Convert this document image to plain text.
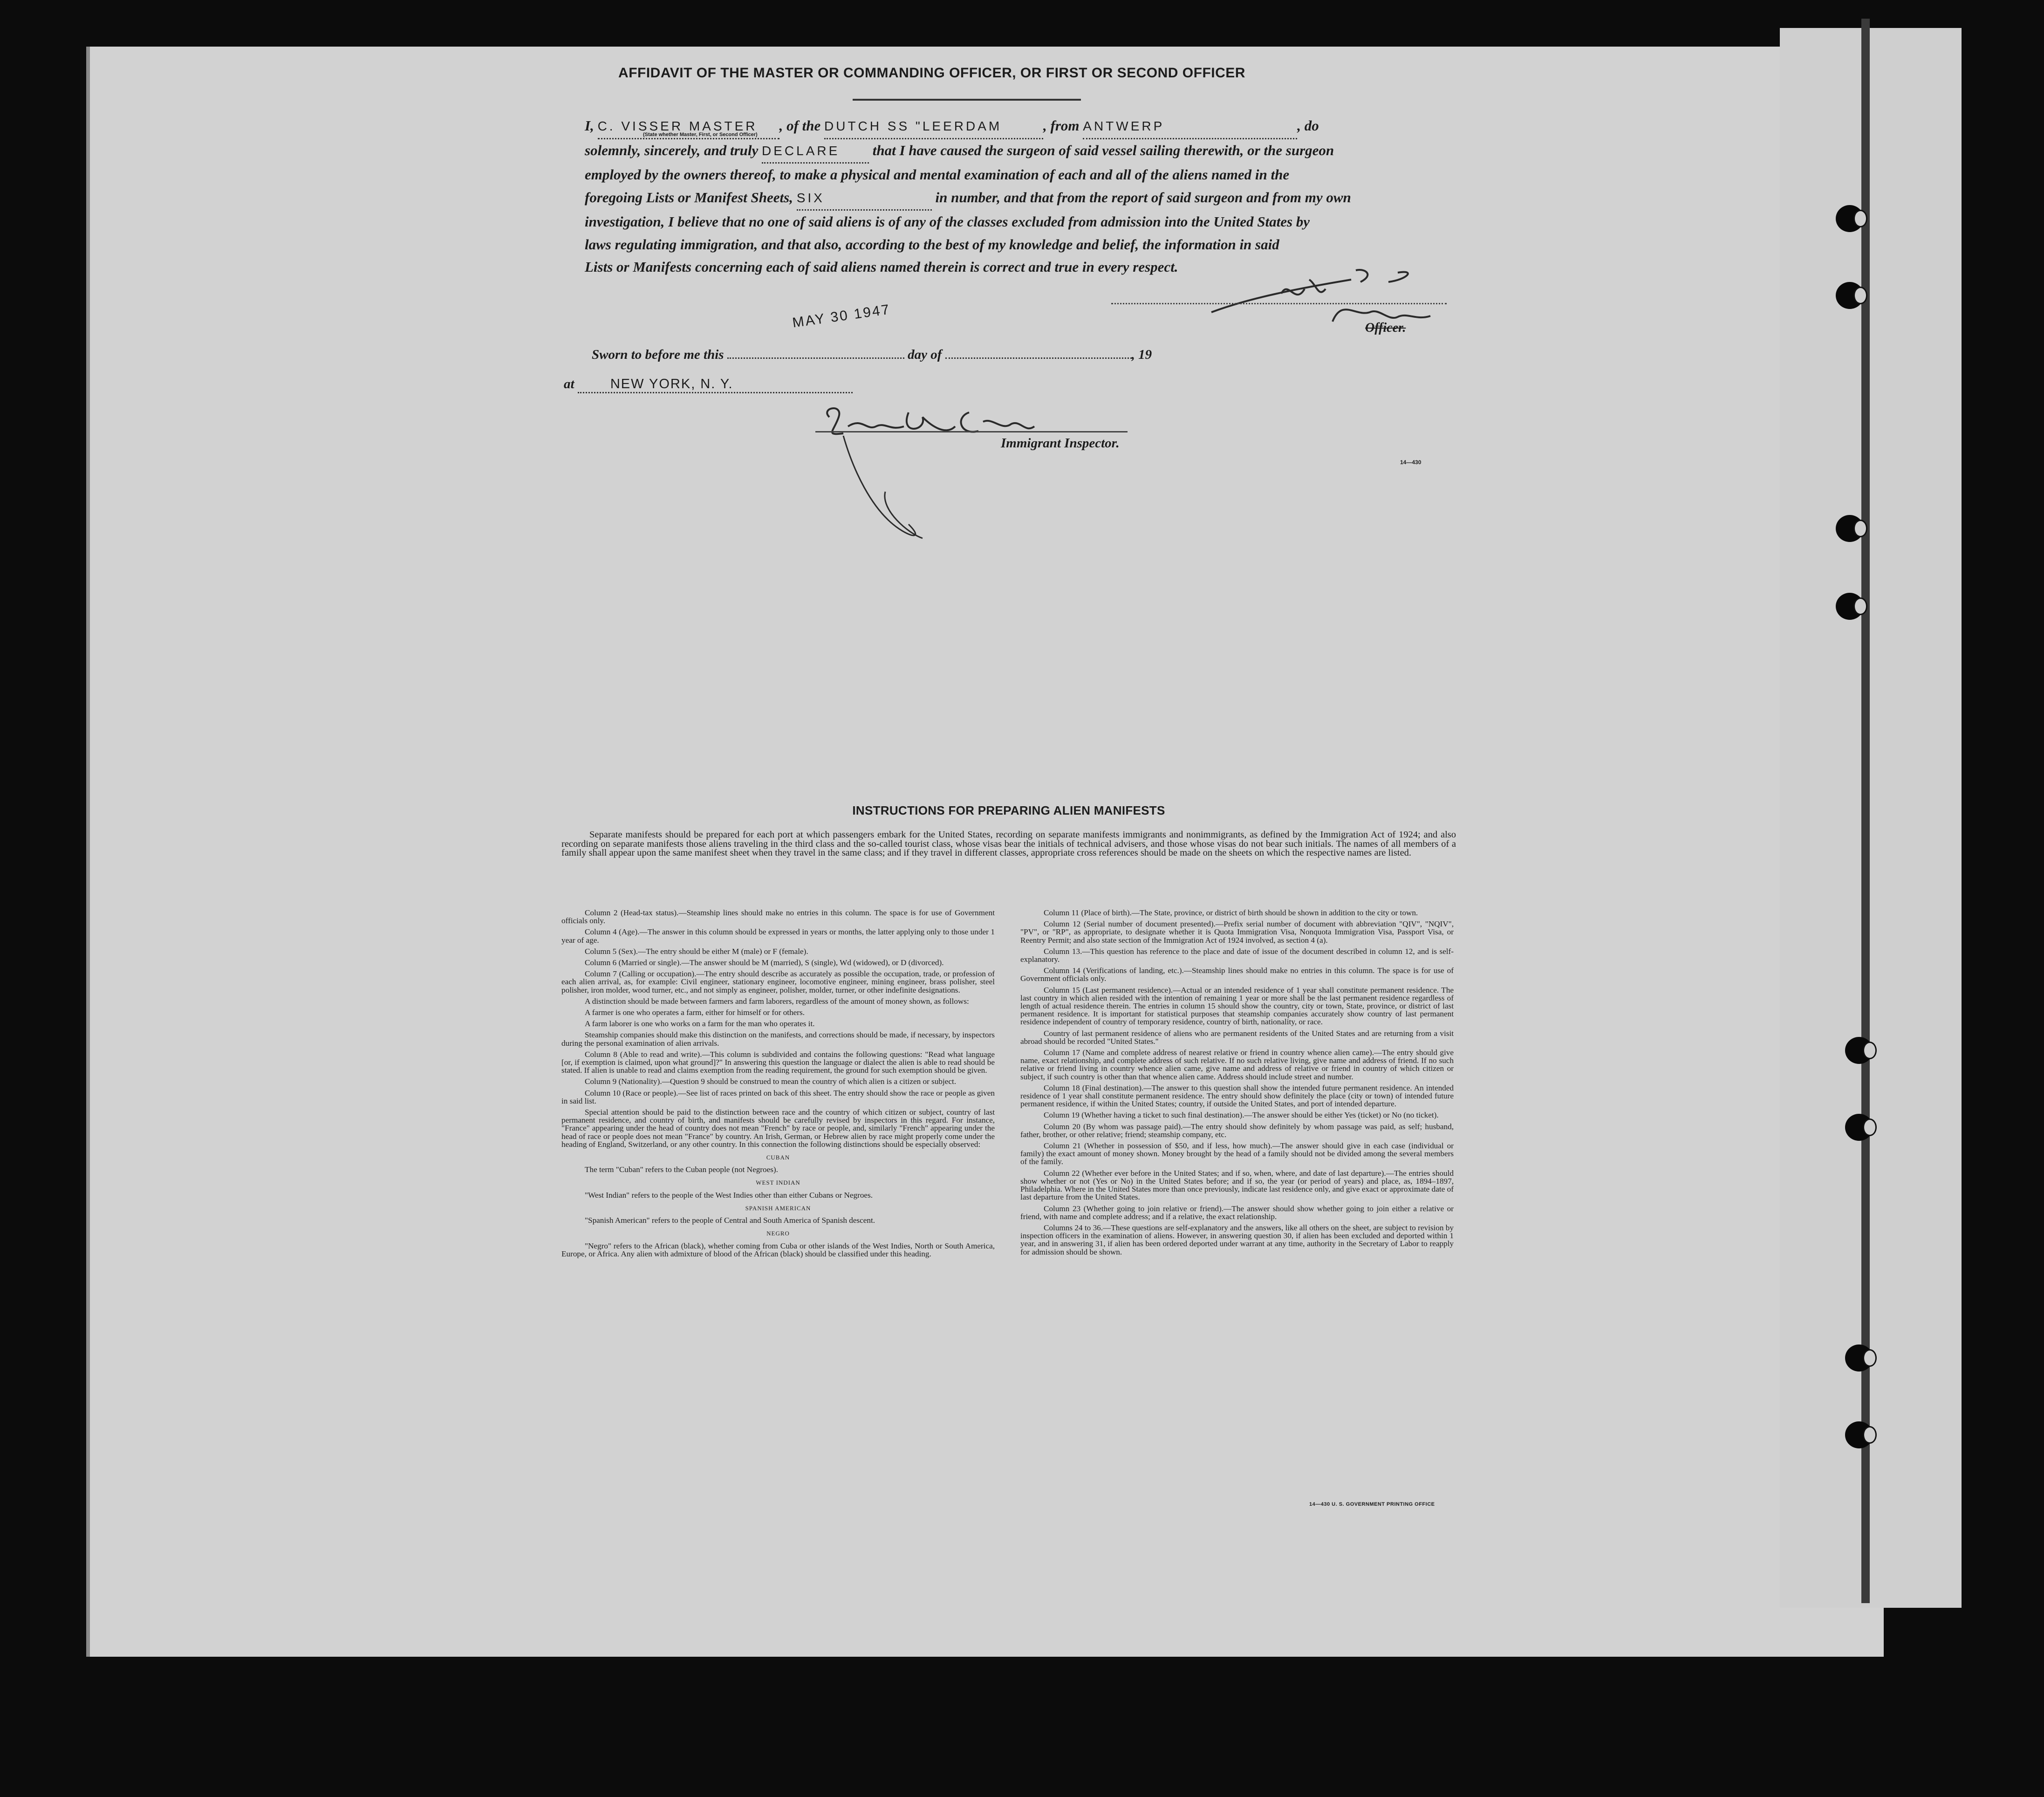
AFFIDAVIT OF THE MASTER OR COMMANDING OFFICER, OR FIRST OR SECOND OFFICER
I, C. VISSER MASTER , of the DUTCH SS "LEERDAM	, from ANTWERP	, do
solemnly, sincerely, and truly DECLARE that I have caused the surgeon of said vessel sailing therewith, or the surgeon
employed by the owners thereof, to make a physical and mental examination of each and all of the aliens named in the
foregoing Lists or Manifest Sheets, SIX	in number, and that from the report of said surgeon and from my own
investigation, I believe that no one of said aliens is of any of the classes excluded from admission into the United States by
laws regulating immigration, and that also, according to the best of my knowledge and belief, the information in said
Lists or Manifests concerning each of said aliens named therein is correct and true in every respect.
(State whether Master, First, or Second Officer)
Officer.
MAY 30 1947
Sworn to before me this	day of	, 19
at	NEW YORK, N. Y.
Immigrant Inspector.
14—430
INSTRUCTIONS FOR PREPARING ALIEN MANIFESTS
Separate manifests should be prepared for each port at which passengers embark for the United States, recording on separate manifests immigrants and nonimmigrants, as defined by the Immigration Act of 1924; and also recording on separate manifests those aliens traveling in the third class and the so-called tourist class, whose visas bear the initials of technical advisers, and those whose visas do not bear such initials. The names of all members of a family shall appear upon the same manifest sheet when they travel in the same class; and if they travel in different classes, appropriate cross references should be made on the sheets on which the respective names are listed.

Column 2 (Head-tax status).—Steamship lines should make no entries in this column. The space is for use of Government officials only.

Column 4 (Age).—The answer in this column should be expressed in years or months, the latter applying only to those under 1 year of age.

Column 5 (Sex).—The entry should be either M (male) or F (female).

Column 6 (Married or single).—The answer should be M (married), S (single), Wd (widowed), or D (divorced).

Column 7 (Calling or occupation).—The entry should describe as accurately as possible the occupation, trade, or profession of each alien arrival, as, for example: Civil engineer, stationary engineer, locomotive engineer, mining engineer, brass polisher, steel polisher, iron molder, wood turner, etc., and not simply as engineer, polisher, molder, turner, or other indefinite designations.

A distinction should be made between farmers and farm laborers, regardless of the amount of money shown, as follows:

A farmer is one who operates a farm, either for himself or for others.

A farm laborer is one who works on a farm for the man who operates it.

Steamship companies should make this distinction on the manifests, and corrections should be made, if necessary, by inspectors during the personal examination of alien arrivals.

Column 8 (Able to read and write).—This column is subdivided and contains the following questions: "Read what language [or, if exemption is claimed, upon what ground]?" In answering this question the language or dialect the alien is able to read should be stated. If alien is unable to read and claims exemption from the reading requirement, the ground for such exemption should be given.

Column 9 (Nationality).—Question 9 should be construed to mean the country of which alien is a citizen or subject.

Column 10 (Race or people).—See list of races printed on back of this sheet. The entry should show the race or people as given in said list.

Special attention should be paid to the distinction between race and the country of which citizen or subject, country of last permanent residence, and country of birth, and manifests should be carefully revised by inspectors in this regard. For instance, "France" appearing under the head of country does not mean "French" by race or people, and, similarly "French" appearing under the head of race or people does not mean "France" by country. An Irish, German, or Hebrew alien by race might properly come under the heading of England, Switzerland, or any other country. In this connection the following distinctions should be especially observed:

CUBAN

The term "Cuban" refers to the Cuban people (not Negroes).

WEST INDIAN

"West Indian" refers to the people of the West Indies other than either Cubans or Negroes.

SPANISH AMERICAN

"Spanish American" refers to the people of Central and South America of Spanish descent.

NEGRO

"Negro" refers to the African (black), whether coming from Cuba or other islands of the West Indies, North or South America, Europe, or Africa. Any alien with admixture of blood of the African (black) should be classified under this heading.

Column 11 (Place of birth).—The State, province, or district of birth should be shown in addition to the city or town.

Column 12 (Serial number of document presented).—Prefix serial number of document with abbreviation "QIV", "NQIV", "PV", or "RP", as appropriate, to designate whether it is Quota Immigration Visa, Nonquota Immigration Visa, Passport Visa, or Reentry Permit; and also state section of the Immigration Act of 1924 involved, as section 4 (a).

Column 13.—This question has reference to the place and date of issue of the document described in column 12, and is self-explanatory.

Column 14 (Verifications of landing, etc.).—Steamship lines should make no entries in this column. The space is for use of Government officials only.

Column 15 (Last permanent residence).—Actual or an intended residence of 1 year shall constitute permanent residence. The last country in which alien resided with the intention of remaining 1 year or more shall be the last permanent residence regardless of length of actual residence therein. The entries in column 15 should show the country, city or town, State, province, or district of last permanent residence. It is important for statistical purposes that steamship companies accurately show country of last permanent residence independent of country of temporary residence, country of birth, nationality, or race.

Country of last permanent residence of aliens who are permanent residents of the United States and are returning from a visit abroad should be recorded "United States."

Column 17 (Name and complete address of nearest relative or friend in country whence alien came).—The entry should give name, exact relationship, and complete address of such relative. If no such relative living, give name and address of friend. If no such relative or friend living in country whence alien came, give name and address of relative or friend in country of which citizen or subject, if such country is other than that whence alien came. Address should include street and number.

Column 18 (Final destination).—The answer to this question shall show the intended future permanent residence. An intended residence of 1 year shall constitute permanent residence. The entry should show definitely the place (city or town) of intended future permanent residence, if within the United States; country, if outside the United States, and port of intended departure.

Column 19 (Whether having a ticket to such final destination).—The answer should be either Yes (ticket) or No (no ticket).

Column 20 (By whom was passage paid).—The entry should show definitely by whom passage was paid, as self; husband, father, brother, or other relative; friend; steamship company, etc.

Column 21 (Whether in possession of $50, and if less, how much).—The answer should give in each case (individual or family) the exact amount of money shown. Money brought by the head of a family should not be divided among the several members of the family.

Column 22 (Whether ever before in the United States; and if so, when, where, and date of last departure).—The entries should show whether or not (Yes or No) in the United States before; and if so, the year (or period of years) and place, as, 1894–1897, Philadelphia. Where in the United States more than once previously, indicate last residence only, and give exact or approximate date of last departure from the United States.

Column 23 (Whether going to join relative or friend).—The answer should show whether going to join either a relative or friend, with name and complete address; and if a relative, the exact relationship.

Columns 24 to 36.—These questions are self-explanatory and the answers, like all others on the sheet, are subject to revision by inspection officers in the examination of aliens. However, in answering question 30, if alien has been excluded and deported within 1 year, and in answering 31, if alien has been ordered deported under warrant at any time, authority in the Secretary of Labor to reapply for admission should be shown.

14—430 U. S. GOVERNMENT PRINTING OFFICE
